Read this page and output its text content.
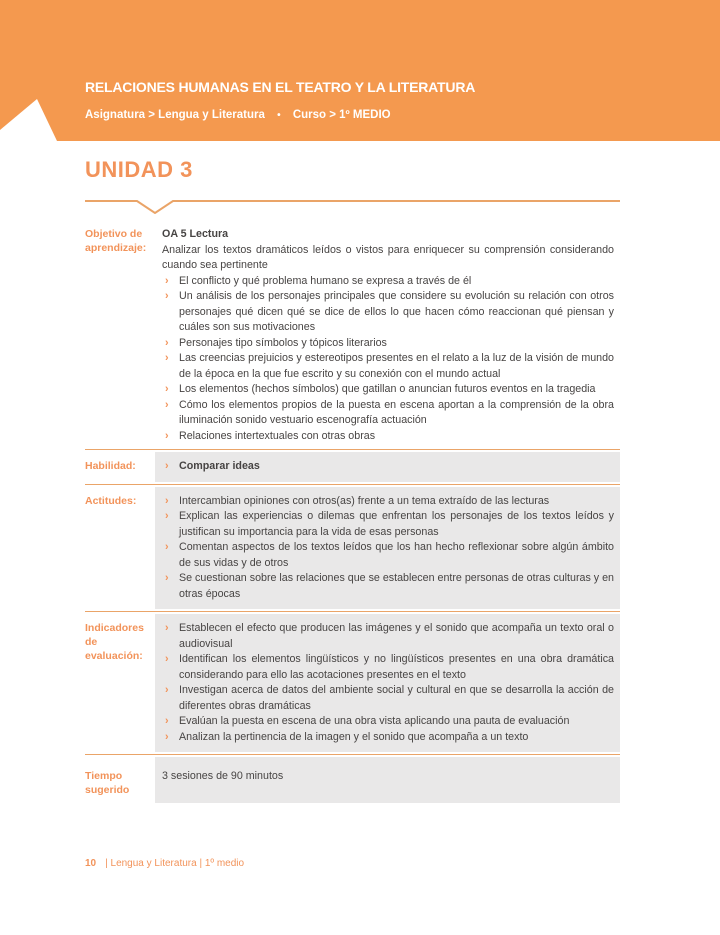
RELACIONES HUMANAS EN EL TEATRO Y LA LITERATURA
Asignatura > Lengua y Literatura • Curso > 1º MEDIO
UNIDAD 3
Objetivo de aprendizaje:

OA 5 Lectura

Analizar los textos dramáticos leídos o vistos para enriquecer su comprensión considerando cuando sea pertinente

› El conflicto y qué problema humano se expresa a través de él
› Un análisis de los personajes principales que considere su evolución su relación con otros personajes qué dicen qué se dice de ellos lo que hacen cómo reaccionan qué piensan y cuáles son sus motivaciones
› Personajes tipo símbolos y tópicos literarios
› Las creencias prejuicios y estereotipos presentes en el relato a la luz de la visión de mundo de la época en la que fue escrito y su conexión con el mundo actual
› Los elementos (hechos símbolos) que gatillan o anuncian futuros eventos en la tragedia
› Cómo los elementos propios de la puesta en escena aportan a la comprensión de la obra iluminación sonido vestuario escenografía actuación
› Relaciones intertextuales con otras obras
Habilidad:	› Comparar ideas
Actitudes:	› Intercambian opiniones con otros(as) frente a un tema extraído de las lecturas
› Explican las experiencias o dilemas que enfrentan los personajes de los textos leídos y justifican su importancia para la vida de esas personas
› Comentan aspectos de los textos leídos que los han hecho reflexionar sobre algún ámbito de sus vidas y de otros
› Se cuestionan sobre las relaciones que se establecen entre personas de otras culturas y en otras épocas
Indicadores de evaluación:
› Establecen el efecto que producen las imágenes y el sonido que acompaña un texto oral o audiovisual
› Identifican los elementos lingüísticos y no lingüísticos presentes en una obra dramática considerando para ello las acotaciones presentes en el texto
› Investigan acerca de datos del ambiente social y cultural en que se desarrolla la acción de diferentes obras dramáticas
› Evalúan la puesta en escena de una obra vista aplicando una pauta de evaluación
› Analizan la pertinencia de la imagen y el sonido que acompaña a un texto
Tiempo sugerido

3 sesiones de 90 minutos

10 | Lengua y Literatura | 1º medio
